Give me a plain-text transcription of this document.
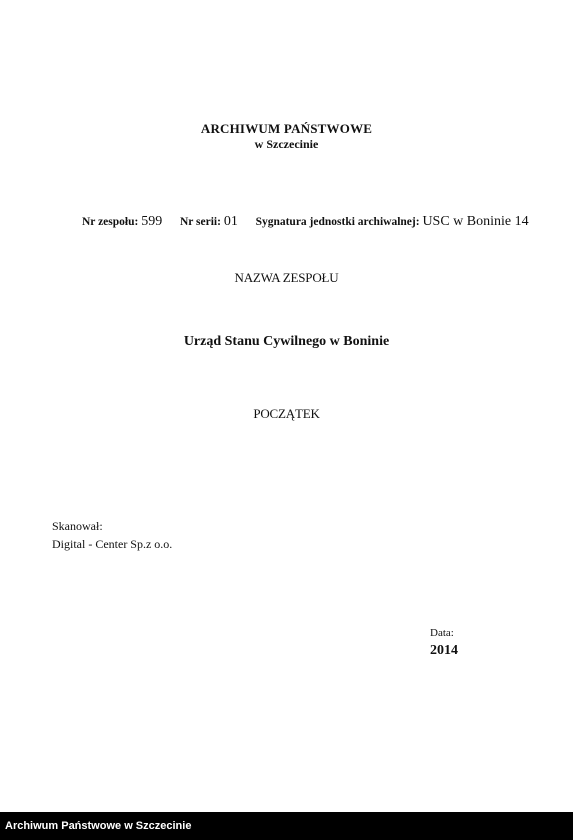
ARCHIWUM PAŃSTWOWE
w Szczecinie
Nr zespołu: 599 Nr serii: 01 Sygnatura jednostki archiwalnej: USC w Boninie 14
NAZWA ZESPOŁU
Urząd Stanu Cywilnego w Boninie
POCZĄTEK
Skanował:
Digital - Center Sp.z o.o.
Data:
2014
Archiwum Państwowe w Szczecinie
